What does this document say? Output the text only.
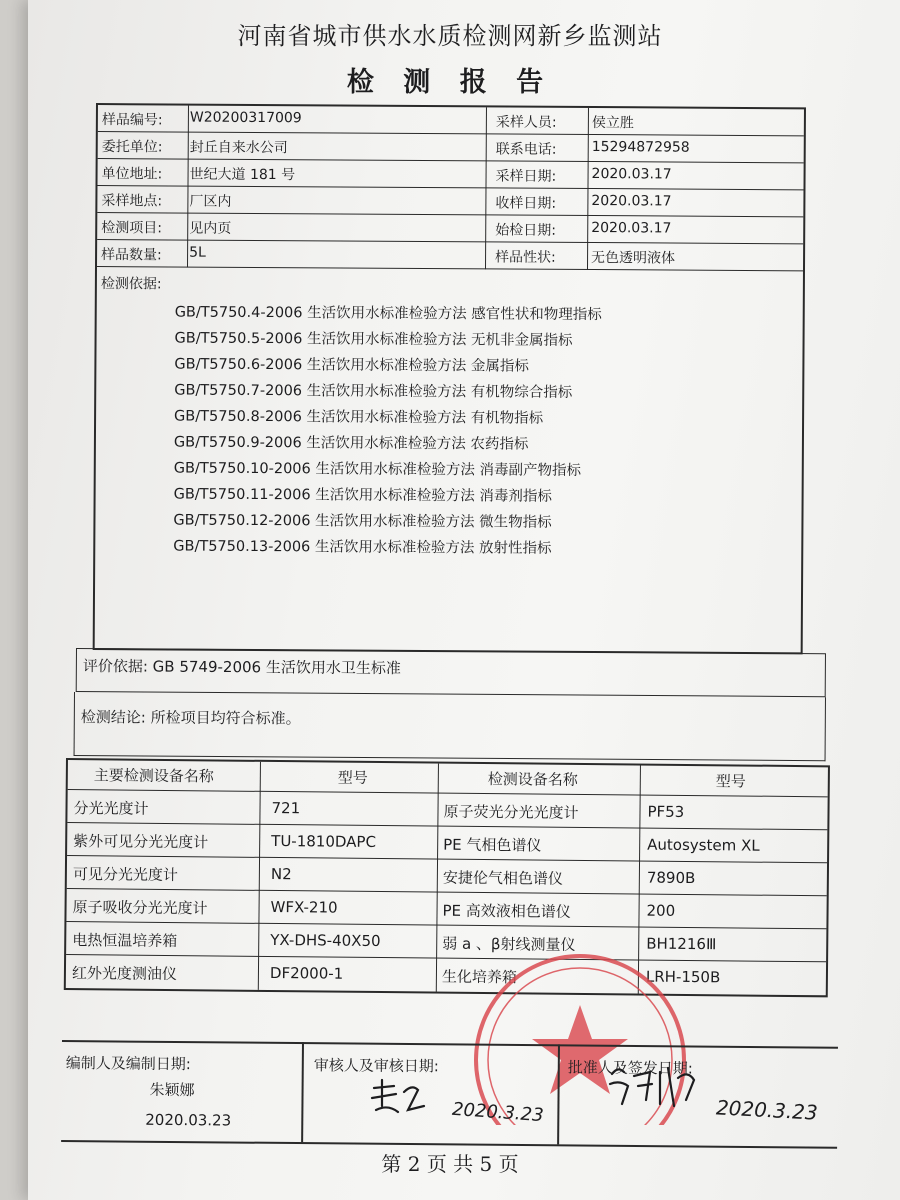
河南省城市供水水质检测网新乡监测站
检 测 报 告
样品编号: W20200317009	采样人员:	侯立胜
委托单位: 封丘自来水公司	联系电话:	15294872958
单位地址: 世纪大道 181 号	采样日期:	2020.03.17
采样地点: 厂区内	收样日期:	2020.03.17
检测项目: 见内页	始检日期:	2020.03.17
样品数量: 5L	样品性状:	无色透明液体
检测依据:
GB/T5750.4-2006 生活饮用水标准检验方法 感官性状和物理指标
GB/T5750.5-2006 生活饮用水标准检验方法 无机非金属指标
GB/T5750.6-2006 生活饮用水标准检验方法 金属指标
GB/T5750.7-2006 生活饮用水标准检验方法 有机物综合指标
GB/T5750.8-2006 生活饮用水标准检验方法 有机物指标
GB/T5750.9-2006 生活饮用水标准检验方法 农药指标
GB/T5750.10-2006 生活饮用水标准检验方法 消毒副产物指标
GB/T5750.11-2006 生活饮用水标准检验方法 消毒剂指标
GB/T5750.12-2006 生活饮用水标准检验方法 微生物指标
GB/T5750.13-2006 生活饮用水标准检验方法 放射性指标
评价依据: GB 5749-2006 生活饮用水卫生标准
检测结论: 所检项目均符合标准。
主要检测设备名称	型号	检测设备名称	型号
分光光度计	721	原子荧光分光光度计	PF53
紫外可见分光光度计	TU-1810DAPC	PE 气相色谱仪	Autosystem XL
可见分光光度计	N2	安捷伦气相色谱仪	7890B
原子吸收分光光度计	WFX-210	PE 高效液相色谱仪	200
电热恒温培养箱	YX-DHS-40X50	弱 a 、β射线测量仪	BH1216Ⅲ
红外光度测油仪	DF2000-1	生化培养箱	LRH-150B
编制人及编制日期:
朱颖娜
2020.03.23
审核人及审核日期:	批准人及签发日期:
2020.3.23	2020.3.23
第 2 页 共 5 页
